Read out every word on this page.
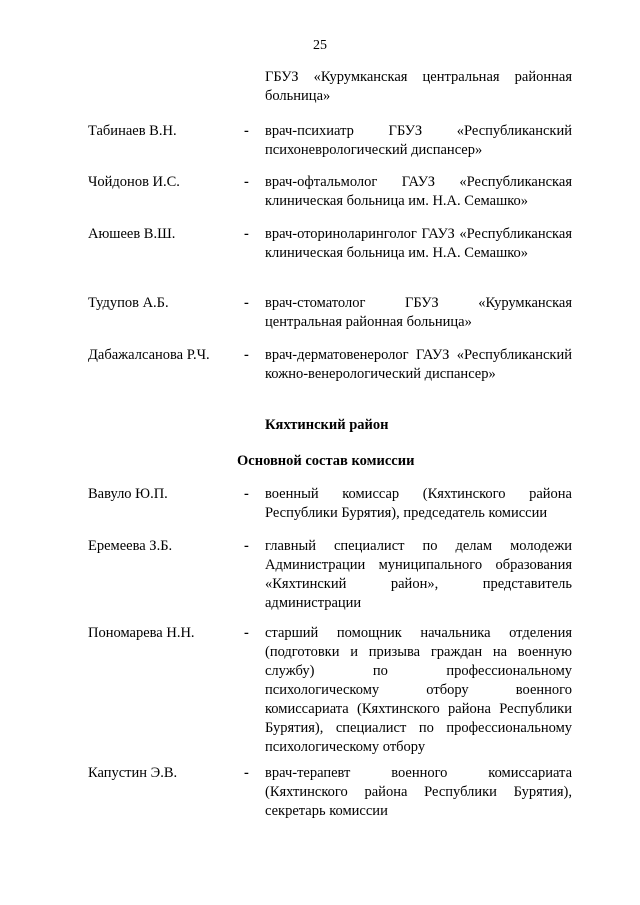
25
ГБУЗ «Курумканская центральная районная больница»
Табинаев В.Н.	- врач-психиатр ГБУЗ «Республиканский психоневрологический диспансер»
Чойдонов И.С.	- врач-офтальмолог ГАУЗ «Республиканская клиническая больница им. Н.А. Семашко»
Аюшеев В.Ш.	- врач-оториноларинголог ГАУЗ «Республиканская клиническая больница им. Н.А. Семашко»
Тудупов А.Б.	- врач-стоматолог ГБУЗ «Курумканская центральная районная больница»
Дабажалсанова Р.Ч. - врач-дерматовенеролог ГАУЗ «Республиканский кожно-венерологический диспансер»
Кяхтинский район
Основной состав комиссии
Вавуло Ю.П.	- военный комиссар (Кяхтинского района Республики Бурятия), председатель комиссии
Еремеева З.Б.	- главный специалист по делам молодежи Администрации муниципального образования «Кяхтинский район», представитель администрации
Пономарева Н.Н.	- старший помощник начальника отделения (подготовки и призыва граждан на военную службу) по профессиональному психологическому отбору военного комиссариата (Кяхтинского района Республики Бурятия), специалист по профессиональному психологическому отбору
Капустин Э.В.	- врач-терапевт военного комиссариата (Кяхтинского района Республики Бурятия), секретарь комиссии
